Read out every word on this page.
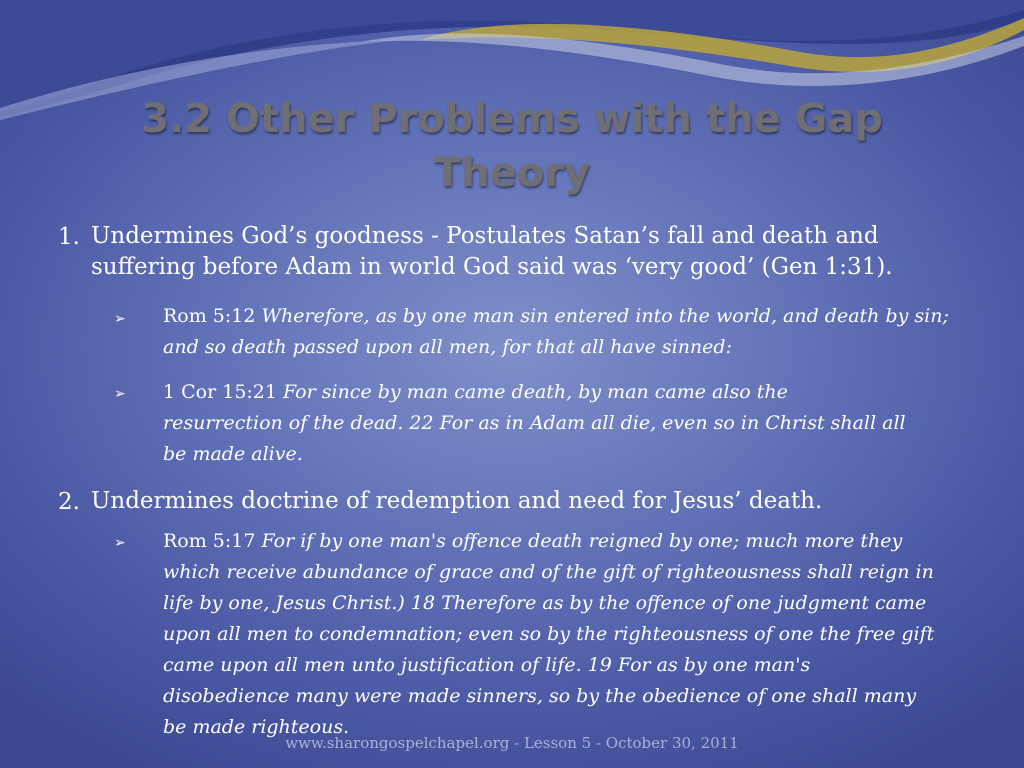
3.2 Other Problems with the Gap Theory
1. Undermines God’s goodness - Postulates Satan’s fall and death and suffering before Adam in world God said was ‘very good’ (Gen 1:31).
➢ Rom 5:12 Wherefore, as by one man sin entered into the world, and death by sin; and so death passed upon all men, for that all have sinned:
➢ 1 Cor 15:21 For since by man came death, by man came also the resurrection of the dead. 22 For as in Adam all die, even so in Christ shall all be made alive.
2. Undermines doctrine of redemption and need for Jesus’ death.
➢ Rom 5:17 For if by one man's offence death reigned by one; much more they which receive abundance of grace and of the gift of righteousness shall reign in life by one, Jesus Christ.) 18 Therefore as by the offence of one judgment came upon all men to condemnation; even so by the righteousness of one the free gift came upon all men unto justification of life. 19 For as by one man's disobedience many were made sinners, so by the obedience of one shall many be made righteous.
www.sharongospelchapel.org - Lesson 5 - October 30, 2011
